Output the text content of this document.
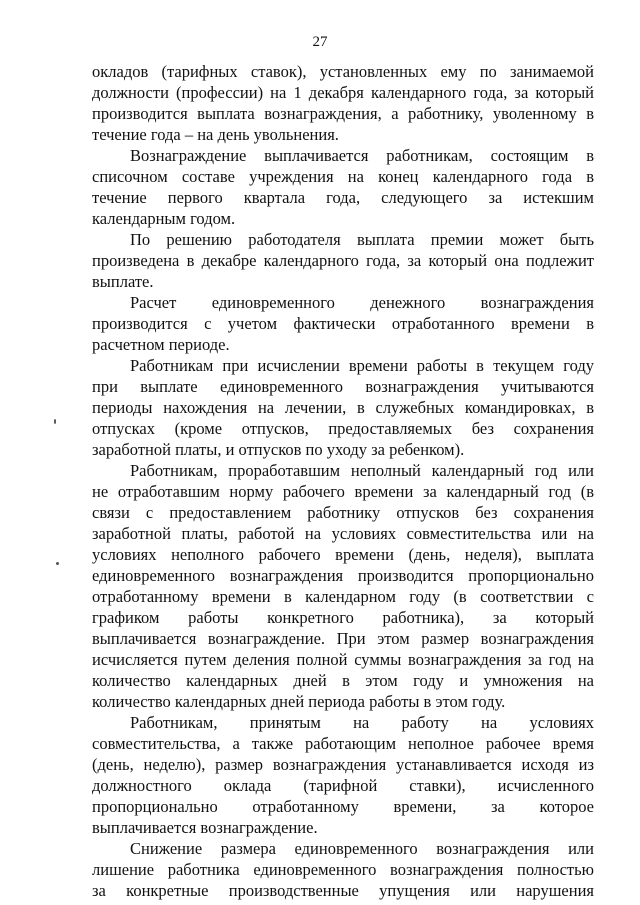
27
окладов (тарифных ставок), установленных ему по занимаемой
должности (профессии) на 1 декабря календарного года, за который
производится выплата вознаграждения, а работнику, уволенному в
течение года – на день увольнения.
Вознаграждение выплачивается работникам, состоящим в
списочном составе учреждения на конец календарного года в
течение первого квартала года, следующего за истекшим
календарным годом.
По решению работодателя выплата премии может быть
произведена в декабре календарного года, за который она подлежит
выплате.
Расчет единовременного денежного вознаграждения
производится с учетом фактически отработанного времени в
расчетном периоде.
Работникам при исчислении времени работы в текущем году
при выплате единовременного вознаграждения учитываются
периоды нахождения на лечении, в служебных командировках, в
отпусках (кроме отпусков, предоставляемых без сохранения
заработной платы, и отпусков по уходу за ребенком).
Работникам, проработавшим неполный календарный год или
не отработавшим норму рабочего времени за календарный год (в
связи с предоставлением работнику отпусков без сохранения
заработной платы, работой на условиях совместительства или на
условиях неполного рабочего времени (день, неделя), выплата
единовременного вознаграждения производится пропорционально
отработанному времени в календарном году (в соответствии с
графиком работы конкретного работника), за который
выплачивается вознаграждение. При этом размер вознаграждения
исчисляется путем деления полной суммы вознаграждения за год на
количество календарных дней в этом году и умножения на
количество календарных дней периода работы в этом году.
Работникам, принятым на работу на условиях
совместительства, а также работающим неполное рабочее время
(день, неделю), размер вознаграждения устанавливается исходя из
должностного оклада (тарифной ставки), исчисленного
пропорционально отработанному времени, за которое
выплачивается вознаграждение.
Снижение размера единовременного вознаграждения или
лишение работника единовременного вознаграждения полностью
за конкретные производственные упущения или нарушения
